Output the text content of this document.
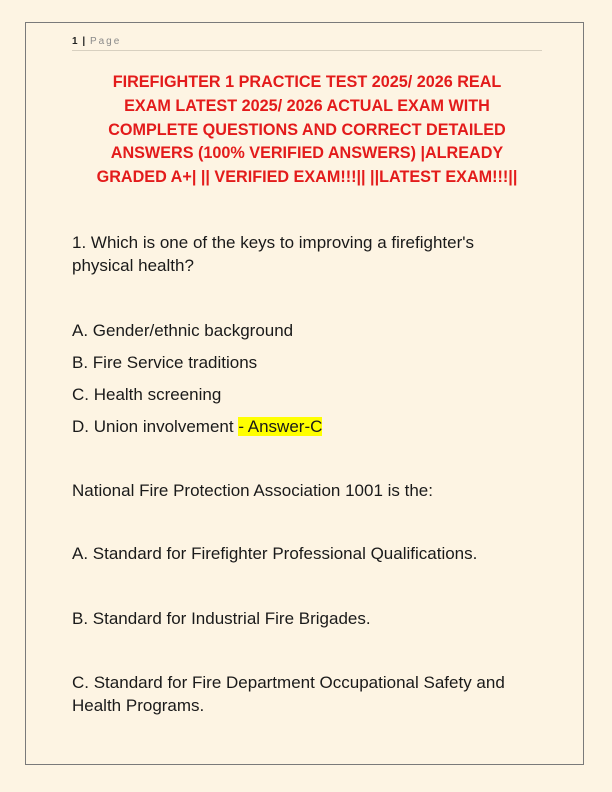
1 | Page
FIREFIGHTER 1 PRACTICE TEST 2025/ 2026 REAL
EXAM LATEST 2025/ 2026 ACTUAL EXAM WITH
COMPLETE QUESTIONS AND CORRECT DETAILED
ANSWERS (100% VERIFIED ANSWERS) |ALREADY
GRADED A+| || VERIFIED EXAM!!!|| ||LATEST EXAM!!!||
1. Which is one of the keys to improving a firefighter's
physical health?
A. Gender/ethnic background
B. Fire Service traditions
C. Health screening
D. Union involvement - Answer-C
National Fire Protection Association 1001 is the:
A. Standard for Firefighter Professional Qualifications.
B. Standard for Industrial Fire Brigades.
C. Standard for Fire Department Occupational Safety and
Health Programs.
